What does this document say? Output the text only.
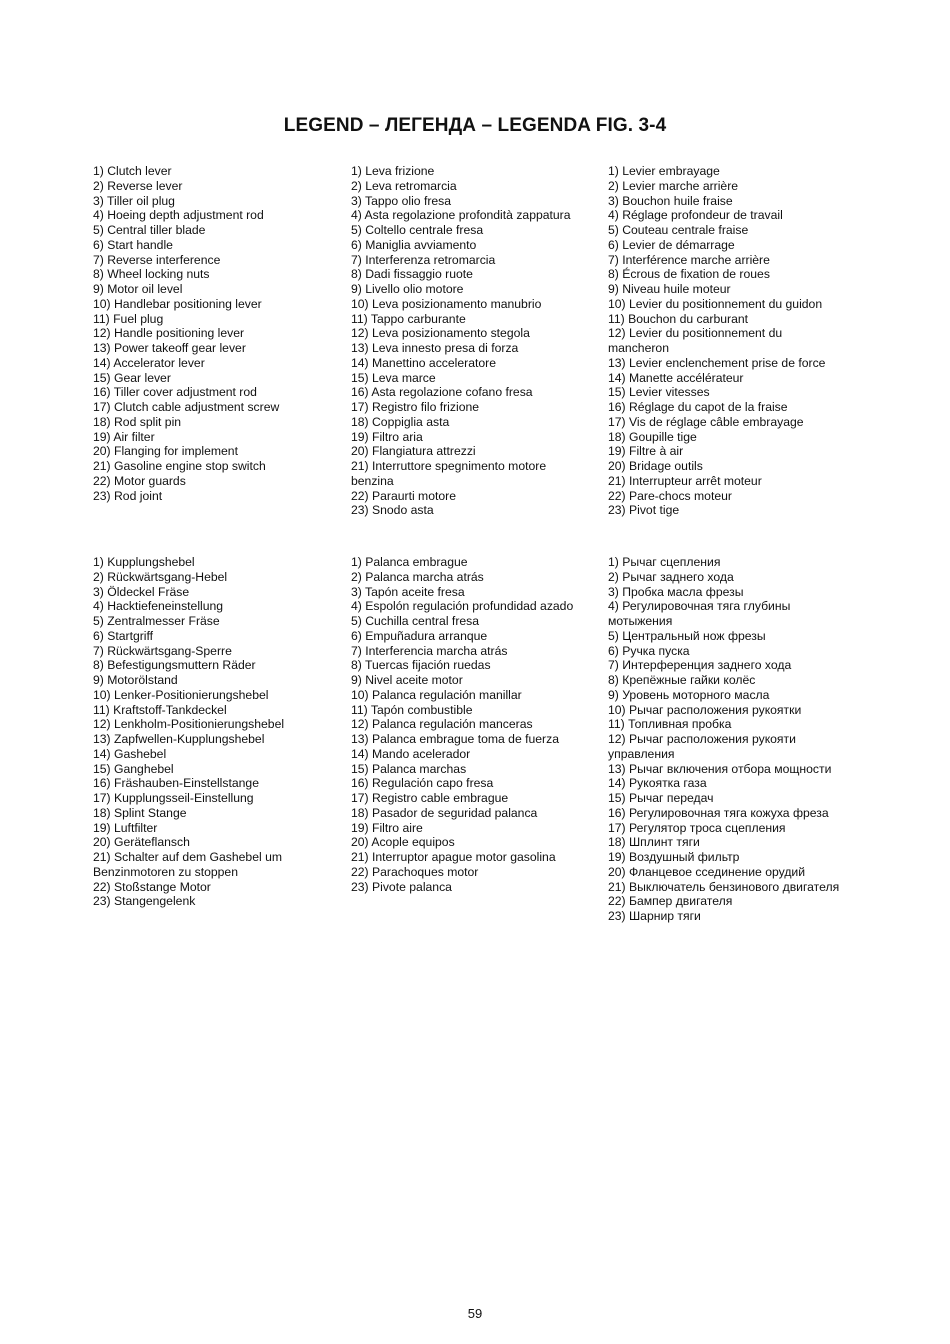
LEGEND – ЛЕГЕНДА – LEGENDA FIG. 3-4
1) Clutch lever
2) Reverse lever
3) Tiller oil plug
4) Hoeing depth adjustment rod
5) Central tiller blade
6) Start handle
7) Reverse interference
8) Wheel locking nuts
9) Motor oil level
10) Handlebar positioning lever
11) Fuel plug
12) Handle positioning lever
13) Power takeoff gear lever
14) Accelerator lever
15) Gear lever
16) Tiller cover adjustment rod
17) Clutch cable adjustment screw
18) Rod split pin
19) Air filter
20) Flanging for implement
21) Gasoline engine stop switch
22) Motor guards
23) Rod joint
1) Leva frizione
2) Leva retromarcia
3) Tappo olio fresa
4) Asta regolazione profondità zappatura
5) Coltello centrale fresa
6) Maniglia avviamento
7) Interferenza retromarcia
8) Dadi fissaggio ruote
9) Livello olio motore
10) Leva posizionamento manubrio
11) Tappo carburante
12) Leva posizionamento stegola
13) Leva innesto presa di forza
14) Manettino acceleratore
15) Leva marce
16) Asta regolazione cofano fresa
17) Registro filo frizione
18) Coppiglia asta
19) Filtro aria
20) Flangiatura attrezzi
21) Interruttore spegnimento motore
benzina
22) Paraurti motore
23) Snodo asta
1) Levier embrayage
2) Levier marche arrière
3) Bouchon huile fraise
4) Réglage profondeur de travail
5) Couteau centrale fraise
6) Levier de démarrage
7) Interférence marche arrière
8) Écrous de fixation de roues
9) Niveau huile moteur
10) Levier du positionnement du guidon
11) Bouchon du carburant
12) Levier du positionnement du
mancheron
13) Levier enclenchement prise de force
14) Manette accélérateur
15) Levier vitesses
16) Réglage du capot de la fraise
17) Vis de réglage câble embrayage
18) Goupille tige
19) Filtre à air
20) Bridage outils
21) Interrupteur arrêt moteur
22) Pare-chocs moteur
23) Pivot tige
1) Kupplungshebel
2) Rückwärtsgang-Hebel
3) Öldeckel Fräse
4) Hacktiefeneinstellung
5) Zentralmesser Fräse
6) Startgriff
7) Rückwärtsgang-Sperre
8) Befestigungsmuttern Räder
9) Motorölstand
10) Lenker-Positionierungshebel
11) Kraftstoff-Tankdeckel
12) Lenkholm-Positionierungshebel
13) Zapfwellen-Kupplungshebel
14) Gashebel
15) Ganghebel
16) Fräshauben-Einstellstange
17) Kupplungsseil-Einstellung
18) Splint Stange
19) Luftfilter
20) Geräteflansch
21) Schalter auf dem Gashebel um
Benzinmotoren zu stoppen
22) Stoßstange Motor
23) Stangengelenk
1) Palanca embrague
2) Palanca marcha atrás
3) Tapón aceite fresa
4) Espolón regulación profundidad azado
5) Cuchilla central fresa
6) Empuñadura arranque
7) Interferencia marcha atrás
8) Tuercas fijación ruedas
9) Nivel aceite motor
10) Palanca regulación manillar
11) Tapón combustible
12) Palanca regulación manceras
13) Palanca embrague toma de fuerza
14) Mando acelerador
15) Palanca marchas
16) Regulación capo fresa
17) Registro cable embrague
18) Pasador de seguridad palanca
19) Filtro aire
20) Acople equipos
21) Interruptor apague motor gasolina
22) Parachoques motor
23) Pivote palanca
1) Рычаг сцепления
2) Рычаг заднего хода
3) Пробка масла фрезы
4) Регулировочная тяга глубины
мотыжения
5) Центральный нож фрезы
6) Ручка пуска
7) Интерференция заднего хода
8) Крепёжные гайки колёс
9) Уровень моторного масла
10) Рычаг расположения рукоятки
11) Топливная пробка
12) Рычаг расположения рукояти
управления
13) Рычаг включения отбора мощности
14) Рукоятка газа
15) Рычаг передач
16) Регулировочная тяга кожуха фреза
17) Регулятор троса сцепления
18) Шплинт тяги
19) Воздушный фильтр
20) Фланцевое ссединение орудий
21) Выключатель бензинового двигателя
22) Бампер двигателя
23) Шарнир тяги
59
